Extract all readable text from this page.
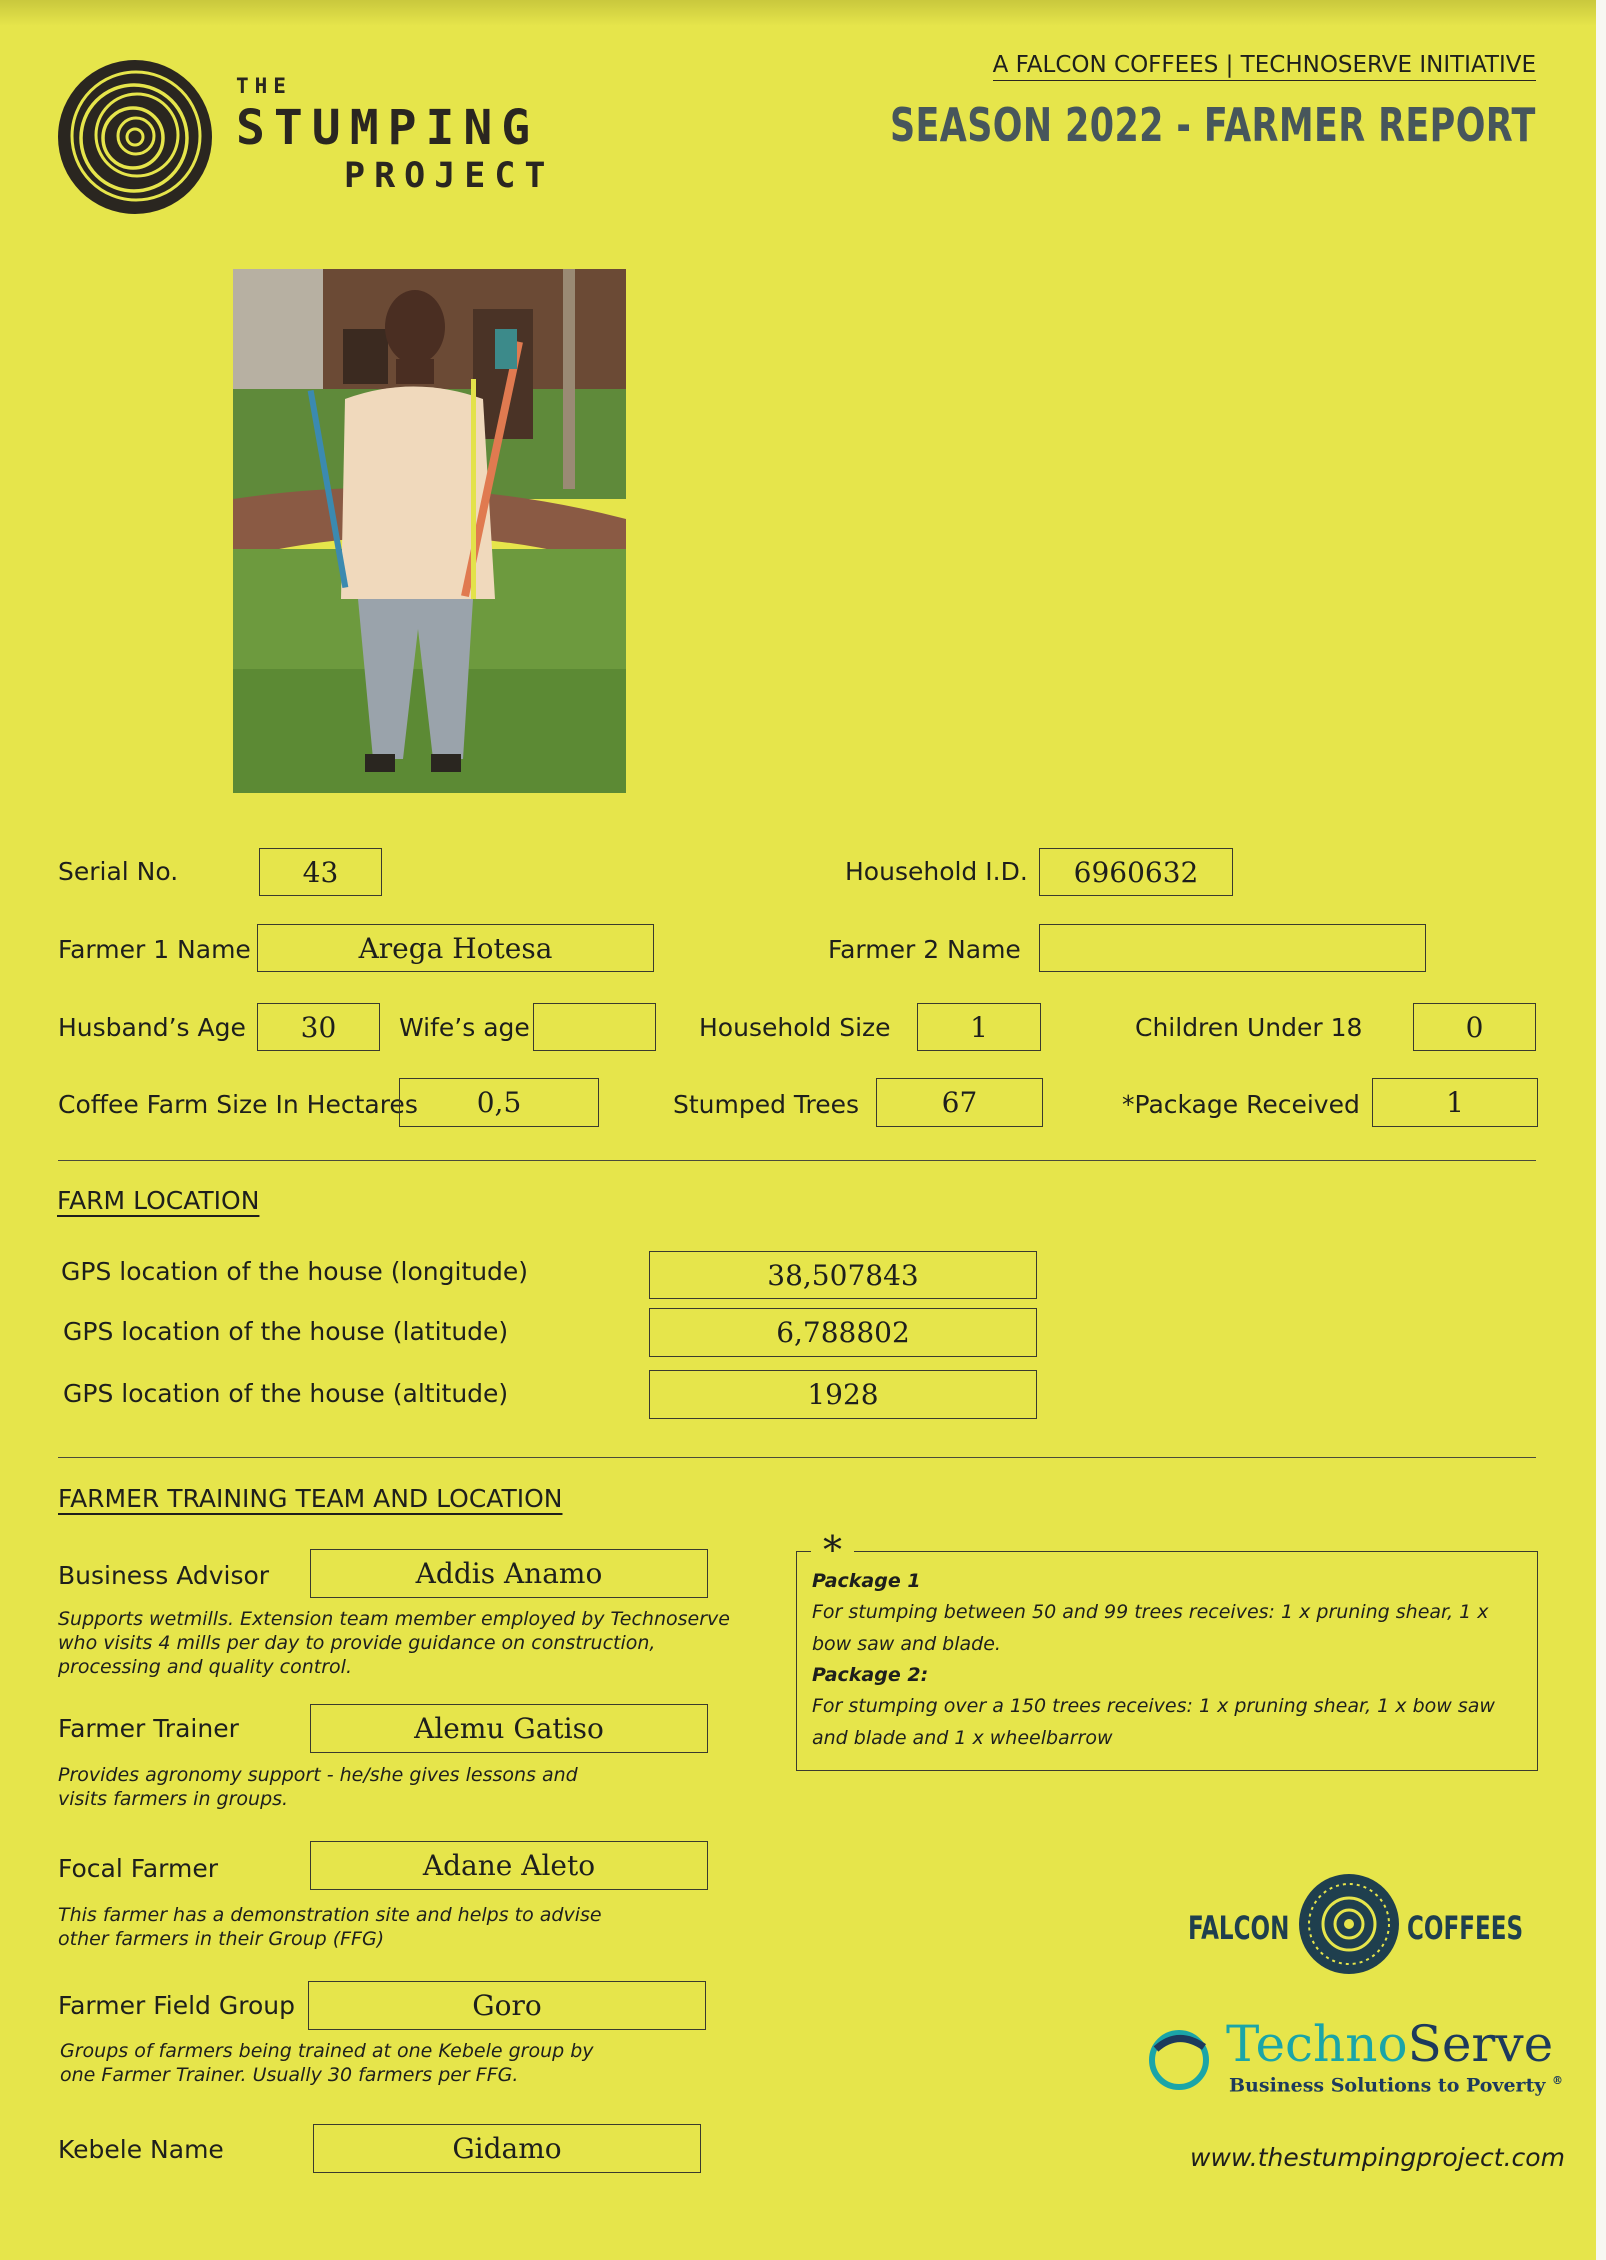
THE
STUMPING
PROJECT
A FALCON COFFEES | TECHNOSERVE INITIATIVE
SEASON 2022 - FARMER REPORT
Serial No.	43	Household I.D.	6960632
Farmer 1 Name	Arega Hotesa	Farmer 2 Name
Husband’s Age	30	Wife’s age	Household Size	1	Children Under 18	0
Coffee Farm Size In Hectares	0,5	Stumped Trees	67	*Package Received	1
FARM LOCATION
GPS location of the house (longitude)	38,507843
GPS location of the house (latitude)	6,788802
GPS location of the house (altitude)	1928
FARMER TRAINING TEAM AND LOCATION
Business Advisor	Addis Anamo
Supports wetmills. Extension team member employed by Technoserve who visits 4 mills per day to provide guidance on construction, processing and quality control.
Farmer Trainer	Alemu Gatiso
Provides agronomy support - he/she gives lessons and
visits farmers in groups.
Focal Farmer	Adane Aleto
This farmer has a demonstration site and helps to advise
other farmers in their Group (FFG)
Farmer Field Group	Goro
Groups of farmers being trained at one Kebele group by
one Farmer Trainer. Usually 30 farmers per FFG.
Kebele Name	Gidamo
*
Package 1
For stumping between 50 and 99 trees receives: 1 x pruning shear, 1 x bow saw and blade.
Package 2:
For stumping over a 150 trees receives: 1 x pruning shear, 1 x bow saw and blade and 1 x wheelbarrow
FALCON	COFFEES
TechnoServe
Business Solutions to Poverty ®
www.thestumpingproject.com
